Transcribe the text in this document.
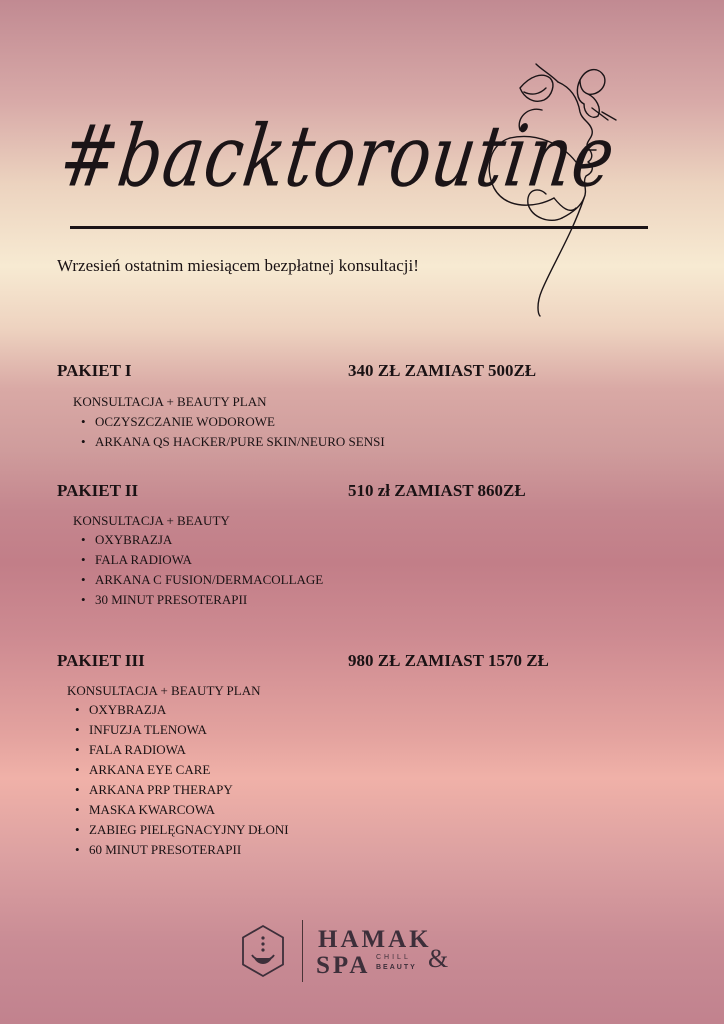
#backtoroutine
Wrzesień ostatnim miesiącem bezpłatnej konsultacji!
PAKIET I	340 ZŁ ZAMIAST 500ZŁ
KONSULTACJA + BEAUTY PLAN
• OCZYSZCZANIE WODOROWE
• ARKANA QS HACKER/PURE SKIN/NEURO SENSI
PAKIET II	510 zł ZAMIAST 860ZŁ
KONSULTACJA + BEAUTY
• OXYBRAZJA
• FALA RADIOWA
• ARKANA C FUSION/DERMACOLLAGE
• 30 MINUT PRESOTERAPII
PAKIET III	980 ZŁ ZAMIAST 1570 ZŁ
KONSULTACJA + BEAUTY PLAN
• OXYBRAZJA
• INFUZJA TLENOWA
• FALA RADIOWA
• ARKANA EYE CARE
• ARKANA PRP THERAPY
• MASKA KWARCOWA
• ZABIEG PIELĘGNACYJNY DŁONI
• 60 MINUT PRESOTERAPII
HAMAK
SPA CHILL
BEAUTY &
